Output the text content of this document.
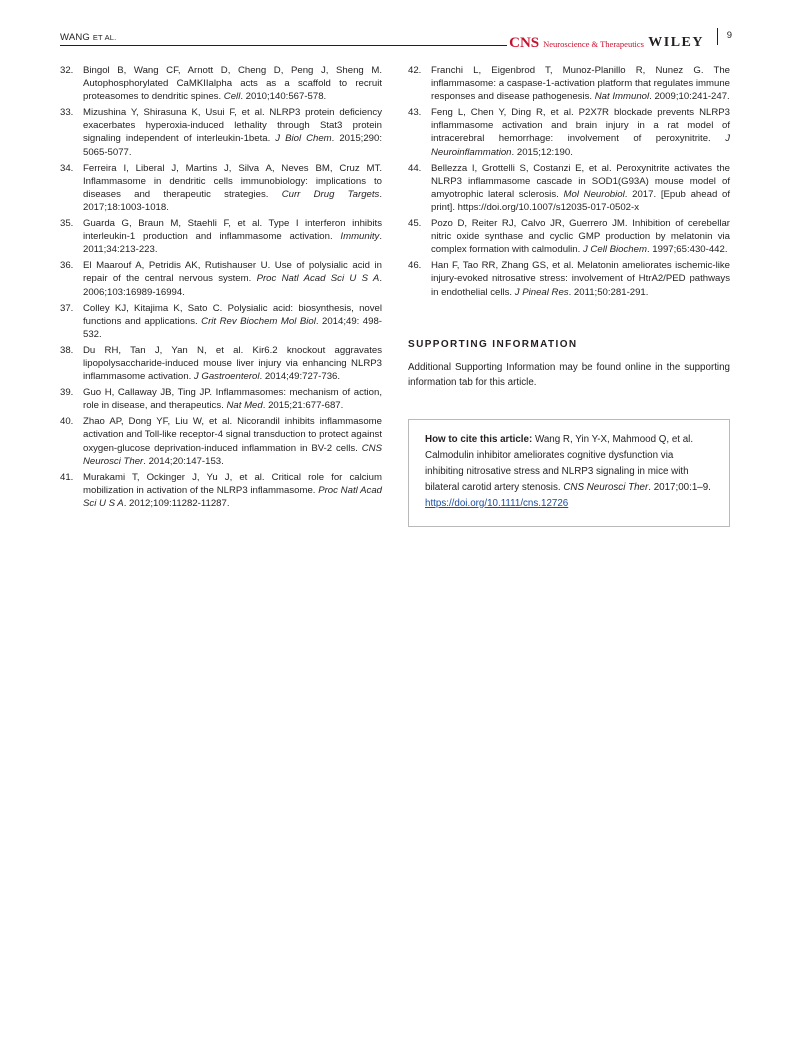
WANG ET AL.	CNS Neuroscience & Therapeutics WILEY	9
32. Bingol B, Wang CF, Arnott D, Cheng D, Peng J, Sheng M. Autophosphorylated CaMKIIalpha acts as a scaffold to recruit proteasomes to dendritic spines. Cell. 2010;140:567-578.
33. Mizushina Y, Shirasuna K, Usui F, et al. NLRP3 protein deficiency exacerbates hyperoxia-induced lethality through Stat3 protein signaling independent of interleukin-1beta. J Biol Chem. 2015;290: 5065-5077.
34. Ferreira I, Liberal J, Martins J, Silva A, Neves BM, Cruz MT. Inflammasome in dendritic cells immunobiology: implications to diseases and therapeutic strategies. Curr Drug Targets. 2017;18:1003-1018.
35. Guarda G, Braun M, Staehli F, et al. Type I interferon inhibits interleukin-1 production and inflammasome activation. Immunity. 2011;34:213-223.
36. El Maarouf A, Petridis AK, Rutishauser U. Use of polysialic acid in repair of the central nervous system. Proc Natl Acad Sci U S A. 2006;103:16989-16994.
37. Colley KJ, Kitajima K, Sato C. Polysialic acid: biosynthesis, novel functions and applications. Crit Rev Biochem Mol Biol. 2014;49: 498-532.
38. Du RH, Tan J, Yan N, et al. Kir6.2 knockout aggravates lipopolysaccharide-induced mouse liver injury via enhancing NLRP3 inflammasome activation. J Gastroenterol. 2014;49:727-736.
39. Guo H, Callaway JB, Ting JP. Inflammasomes: mechanism of action, role in disease, and therapeutics. Nat Med. 2015;21:677-687.
40. Zhao AP, Dong YF, Liu W, et al. Nicorandil inhibits inflammasome activation and Toll-like receptor-4 signal transduction to protect against oxygen-glucose deprivation-induced inflammation in BV-2 cells. CNS Neurosci Ther. 2014;20:147-153.
41. Murakami T, Ockinger J, Yu J, et al. Critical role for calcium mobilization in activation of the NLRP3 inflammasome. Proc Natl Acad Sci U S A. 2012;109:11282-11287.
42. Franchi L, Eigenbrod T, Munoz-Planillo R, Nunez G. The inflammasome: a caspase-1-activation platform that regulates immune responses and disease pathogenesis. Nat Immunol. 2009;10:241-247.
43. Feng L, Chen Y, Ding R, et al. P2X7R blockade prevents NLRP3 inflammasome activation and brain injury in a rat model of intracerebral hemorrhage: involvement of peroxynitrite. J Neuroinflammation. 2015;12:190.
44. Bellezza I, Grottelli S, Costanzi E, et al. Peroxynitrite activates the NLRP3 inflammasome cascade in SOD1(G93A) mouse model of amyotrophic lateral sclerosis. Mol Neurobiol. 2017. [Epub ahead of print]. https://doi.org/10.1007/s12035-017-0502-x
45. Pozo D, Reiter RJ, Calvo JR, Guerrero JM. Inhibition of cerebellar nitric oxide synthase and cyclic GMP production by melatonin via complex formation with calmodulin. J Cell Biochem. 1997;65:430-442.
46. Han F, Tao RR, Zhang GS, et al. Melatonin ameliorates ischemic-like injury-evoked nitrosative stress: involvement of HtrA2/PED pathways in endothelial cells. J Pineal Res. 2011;50:281-291.
SUPPORTING INFORMATION
Additional Supporting Information may be found online in the supporting information tab for this article.
How to cite this article: Wang R, Yin Y-X, Mahmood Q, et al. Calmodulin inhibitor ameliorates cognitive dysfunction via inhibiting nitrosative stress and NLRP3 signaling in mice with bilateral carotid artery stenosis. CNS Neurosci Ther. 2017;00:1–9.
https://doi.org/10.1111/cns.12726
